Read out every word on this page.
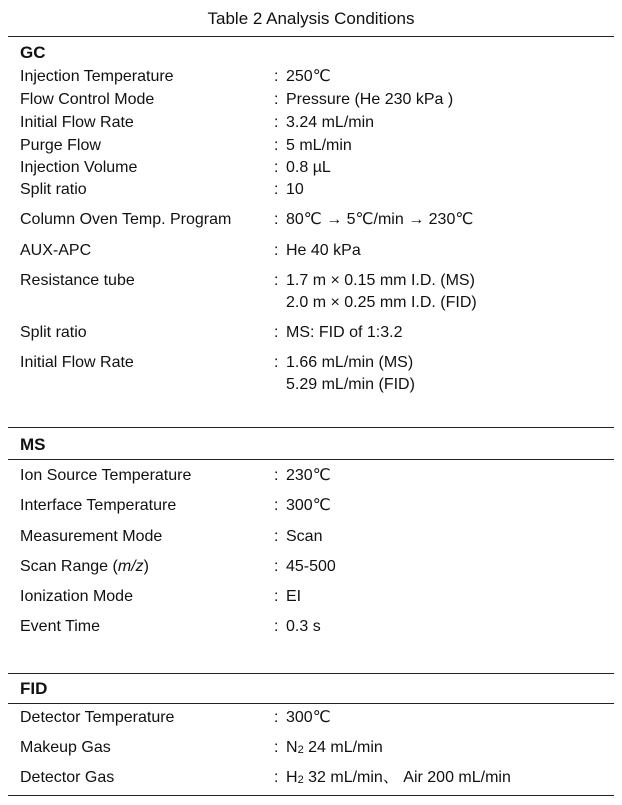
Table 2 Analysis Conditions
GC
Injection Temperature	: 250℃
Flow Control Mode	: Pressure (He 230 kPa )
Initial Flow Rate	: 3.24 mL/min
Purge Flow	: 5 mL/min
Injection Volume	: 0.8 µL
Split ratio	: 10
Column Oven Temp. Program	: 80℃ → 5℃/min → 230℃
AUX-APC	: He 40 kPa
Resistance tube	: 1.7 m × 0.15 mm I.D. (MS)
2.0 m × 0.25 mm I.D. (FID)
Split ratio	: MS: FID of 1:3.2
Initial Flow Rate	: 1.66 mL/min (MS)
5.29 mL/min (FID)
MS
Ion Source Temperature	: 230℃
Interface Temperature	: 300℃
Measurement Mode	: Scan
Scan Range (m/z)	: 45-500
Ionization Mode	: EI
Event Time	: 0.3 s
FID
Detector Temperature	: 300℃
Makeup Gas	: $N_2$ 24 mL/min
Detector Gas	: $H_2$ 32 mL/min、 Air 200 mL/min
